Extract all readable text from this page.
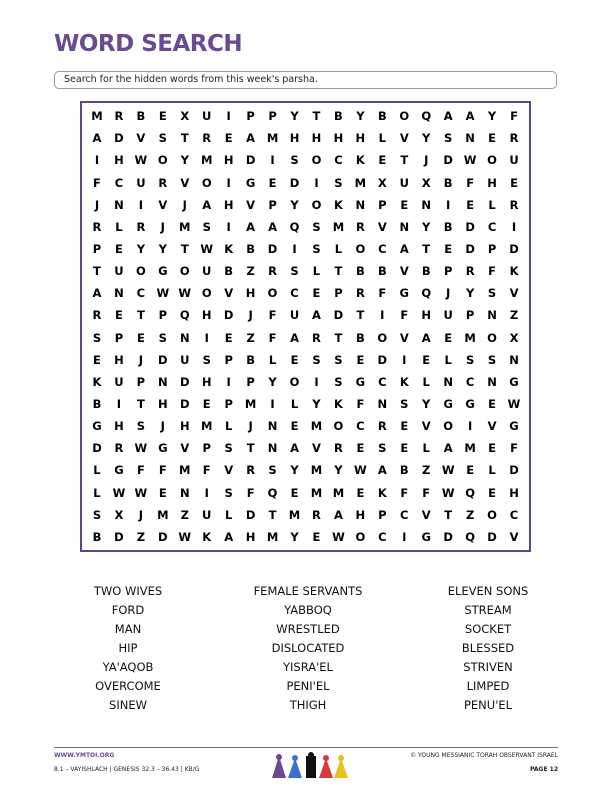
WORD SEARCH
Search for the hidden words from this week's parsha.
M	R	B	E	X	U	I	P	P	Y	T	B	Y	B	O	Q	A	A	Y	F
A	D	V	S	T	R	E	A	M H	H	H	H	L	V	Y	S	N	E	R
I	H W O	Y	M H	D	I	S	O	C	K	E	T	J	D W O	U
F	C	U	R	V	O	I	G	E	D	I	S	M	X	U	X	B	F	H	E
J	N	I	V	J	A	H	V	P	Y	O	K	N	P	E	N	I	E	L	R
R	L	R	J	M	S	I	A	A	Q	S	M	R	V	N	Y	B	D	C	I
P	E	Y	Y	T	W K	B	D	I	S	L	O	C	A	T	E	D	P	D
T	U	O	G	O	U	B	Z	R	S	L	T	B	B	V	B	P	R	F	K
A	N	C W W O	V	H	O	C	E	P	R	F	G	Q	J	Y	S	V
R	E	T	P	Q	H	D	J	F	U	A	D	T	I	F	H	U	P	N	Z
S	P	E	S	N	I	E	Z	F	A	R	T	B	O	V	A	E	M O	X
E	H	J	D	U	S	P	B	L	E	S	S	E	D	I	E	L	S	S	N
K	U	P	N	D	H	I	P	Y	O	I	S	G	C	K	L	N	C	N	G
B	I	T	H	D	E	P	M	I	L	Y	K	F	N	S	Y	G	G	E	W
G	H	S	J	H M	L	J	N	E	M O	C	R	E	V	O	I	V	G
D	R W G	V	P	S	T	N	A	V	R	E	S	E	L	A	M	E	F
L	G	F	F	M	F	V	R	S	Y	M	Y W A	B	Z W	E	L	D
L	W W	E	N	I	S	F	Q	E	M M	E	K	F	F	W Q	E	H
S	X	J	M	Z	U	L	D	T	M	R	A	H	P	C	V	T	Z	O	C
B	D	Z	D W K	A	H M	Y	E	W O	C	I	G	D	Q	D	V
TWO WIVES	FEMALE SERVANTS	ELEVEN SONS
FORD	YABBOQ	STREAM
MAN	WRESTLED	SOCKET
HIP	DISLOCATED	BLESSED
YA'AQOB	YISRA'EL	STRIVEN
OVERCOME	PENI'EL	LIMPED
SINEW	THIGH	PENU'EL
WWW.YMTOI.ORG
8.1 – VAYISHLACH | GENESIS 32.3 – 36.43 | KB/G
© YOUNG MESSIANIC TORAH OBSERVANT ISRAEL
PAGE 12
